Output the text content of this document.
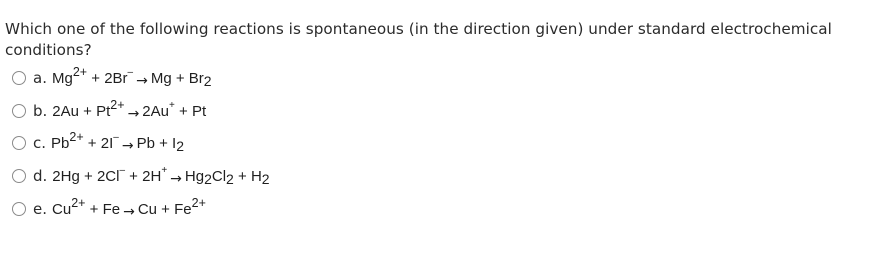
Which one of the following reactions is spontaneous (in the direction given) under standard electrochemical conditions?
a. Mg 2+ + 2Br –
→ Mg + Br 2
b. 2Au + Pt 2+
→ 2Au + + Pt
c. Pb 2+ + 2I –
→ Pb + I 2
d. 2Hg + 2Cl – + 2H +
→ Hg 2 Cl 2 + H 2
e. Cu 2+ + Fe → Cu + Fe 2+
